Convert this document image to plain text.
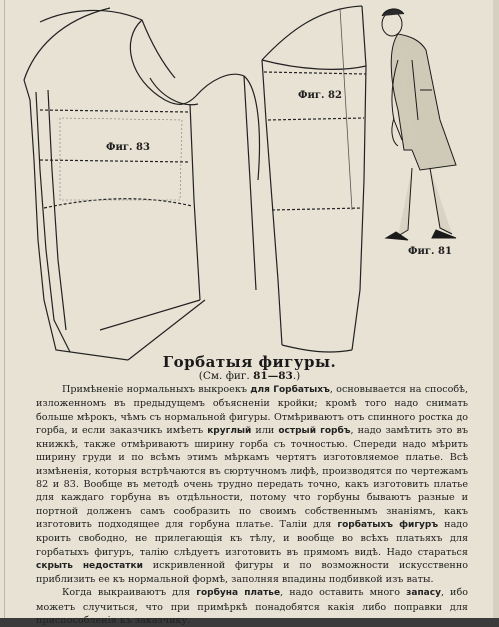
Фиг. 83
Фиг. 82
Фиг. 81
Горбатыя фигуры.
(См. фиг. 81—83.)

Примѣненіе нормальныхъ выкроекъ для Горбатыхъ, основывается на способѣ, изложенномъ въ предыдущемъ объясненіи кройки; кромѣ того надо снимать больше мѣрокъ, чѣмъ съ нормальной фигуры. Отмѣриваютъ отъ спинного ростка до горба, и если заказчикъ имѣетъ круглый или острый горбъ, надо замѣтить это въ книжкѣ, также отмѣриваютъ ширину горба съ точностью. Спереди надо мѣрить ширину груди и по всѣмъ этимъ мѣркамъ чертятъ изготовляемое платье. Всѣ измѣненія, которыя встрѣчаются въ сюртучномъ лифѣ, производятся по чертежамъ 82 и 83. Вообще въ методѣ очень трудно передать точно, какъ изготовить платье для каждаго горбуна въ отдѣльности, потому что горбуны бываютъ разные и портной долженъ самъ сообразить по своимъ собственнымъ знаніямъ, какъ изготовить подходящее для горбуна платье. Таліи для горбатыхъ фигуръ надо кроить свободно, не прилегающія къ тѣлу, и вообще во всѣхъ платьяхъ для горбатыхъ фигуръ, талію слѣдуетъ изготовить въ прямомъ видѣ. Надо стараться скрыть недостатки искривленной фигуры и по возможности искусственно приблизить ее къ нормальной формѣ, заполняя впадины подбивкой изъ ваты.

Когда выкраиваютъ для горбуна платье, надо оставить много запасу, ибо можетъ случиться, что при примѣркѣ понадобятся какія либо поправки для приспособленія къ заказчику.
